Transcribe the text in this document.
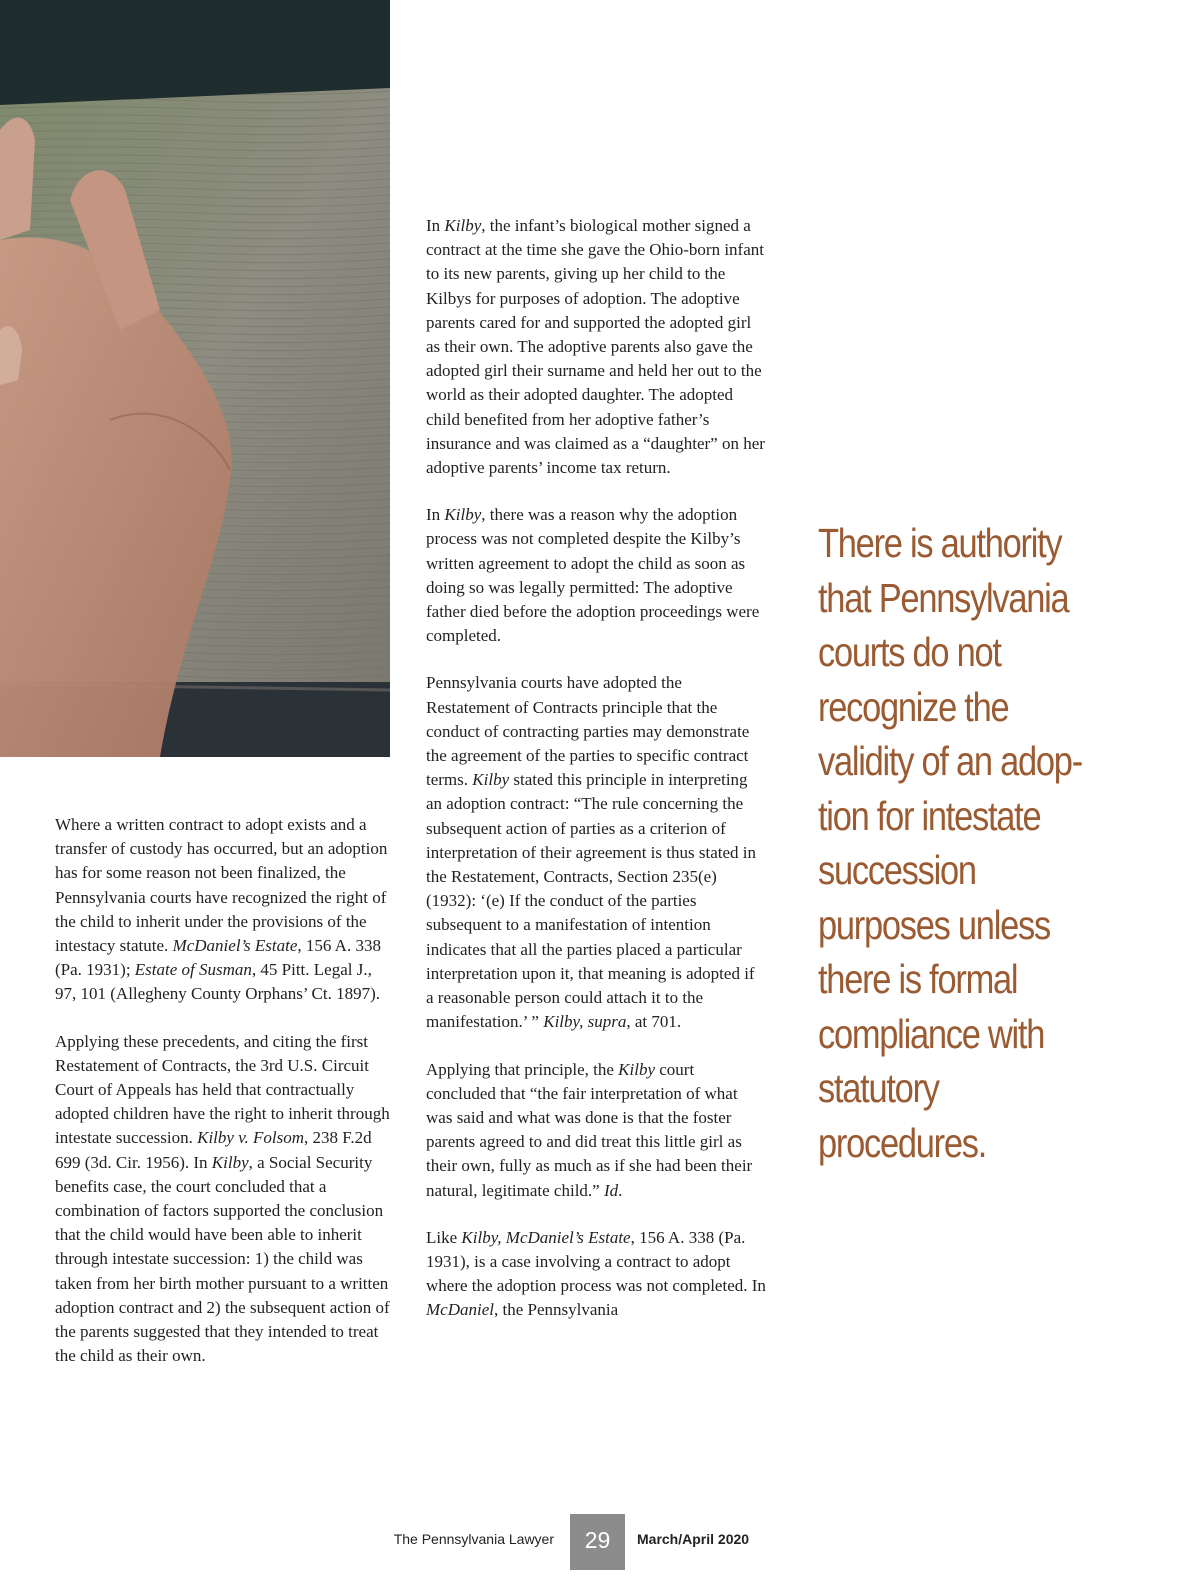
Where a written contract to adopt exists and a transfer of custody has occurred, but an adoption has for some reason not been finalized, the Pennsylvania courts have recognized the right of the child to inherit under the provisions of the intestacy statute. McDaniel’s Estate, 156 A. 338 (Pa. 1931); Estate of Susman, 45 Pitt. Legal J., 97, 101 (Allegheny County Orphans’ Ct. 1897).

Applying these precedents, and citing the first Restatement of Contracts, the 3rd U.S. Circuit Court of Appeals has held that contractually adopted children have the right to inherit through intestate succession. Kilby v. Folsom, 238 F.2d 699 (3d. Cir. 1956). In Kilby, a Social Security benefits case, the court concluded that a combination of factors supported the conclusion that the child would have been able to inherit through intestate succession: 1) the child was taken from her birth mother pursuant to a written adoption contract and 2) the subsequent action of the parents suggested that they intended to treat the child as their own.

In Kilby, the infant’s biological mother signed a contract at the time she gave the Ohio-born infant to its new parents, giving up her child to the Kilbys for purposes of adoption. The adoptive parents cared for and supported the adopted girl as their own. The adoptive parents also gave the adopted girl their surname and held her out to the world as their adopted daughter. The adopted child benefited from her adoptive father’s insurance and was claimed as a “daughter” on her adoptive parents’ income tax return.

In Kilby, there was a reason why the adoption process was not completed despite the Kilby’s written agreement to adopt the child as soon as doing so was legally permitted: The adoptive father died before the adoption proceedings were completed.

Pennsylvania courts have adopted the Restatement of Contracts principle that the conduct of contracting parties may demonstrate the agreement of the parties to specific contract terms. Kilby stated this principle in interpreting an adoption contract: “The rule concerning the subsequent action of parties as a criterion of interpretation of their agreement is thus stated in the Restatement, Contracts, Section 235(e) (1932): ‘(e) If the conduct of the parties subsequent to a manifestation of intention indicates that all the parties placed a particular interpretation upon it, that meaning is adopted if a reasonable person could attach it to the manifestation.’ ” Kilby, supra, at 701.

Applying that principle, the Kilby court concluded that “the fair interpretation of what was said and what was done is that the foster parents agreed to and did treat this little girl as their own, fully as much as if she had been their natural, legitimate child.” Id.

Like Kilby, McDaniel’s Estate, 156 A. 338 (Pa. 1931), is a case involving a contract to adopt where the adoption process was not completed. In McDaniel, the Pennsylvania

There is authority that Pennsylvania courts do not recognize the validity of an adoption for intestate succession purposes unless there is formal compliance with statutory procedures.
The Pennsylvania Lawyer	29	March/April 2020
